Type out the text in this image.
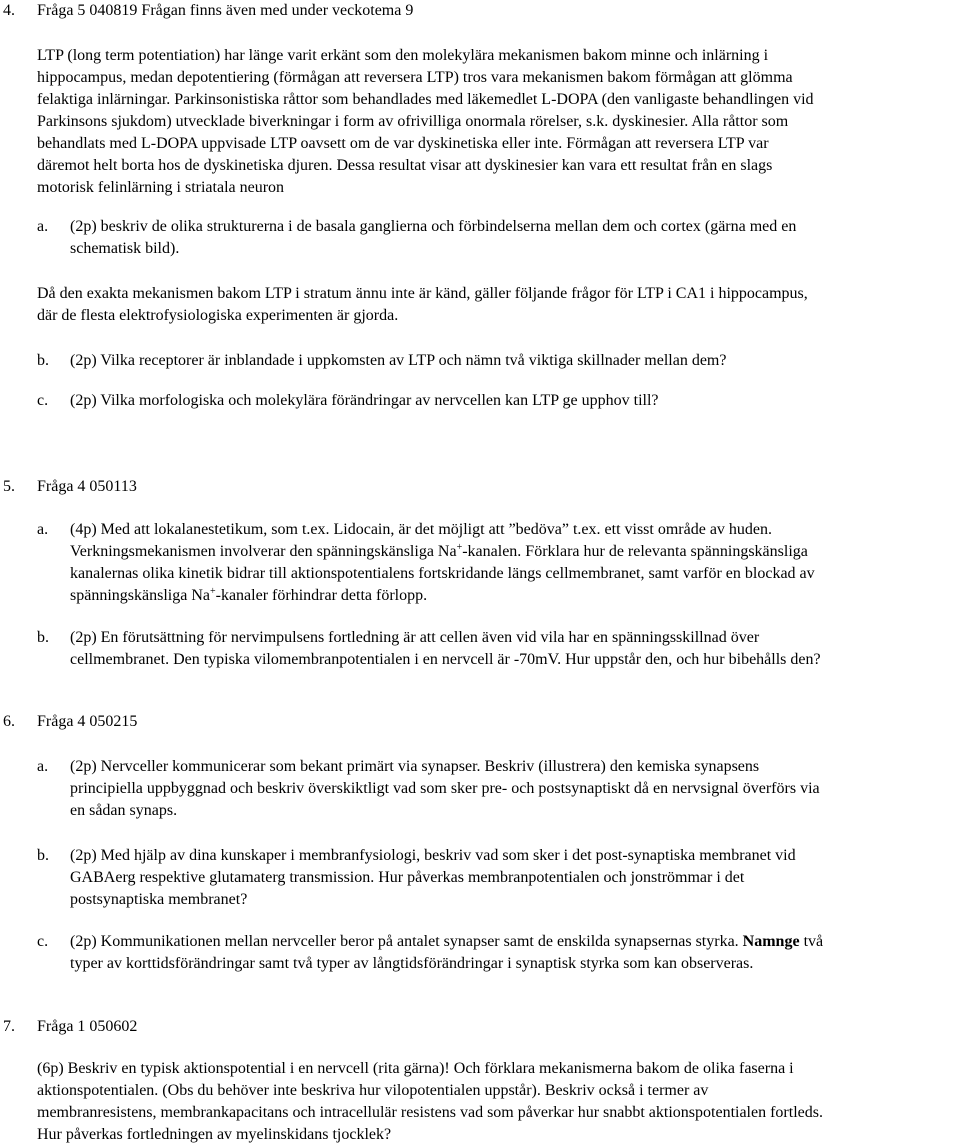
4.

Fråga 5 040819 Frågan finns även med under veckotema 9

LTP (long term potentiation) har länge varit erkänt som den molekylära mekanismen bakom minne och inlärning i
hippocampus, medan depotentiering (förmågan att reversera LTP) tros vara mekanismen bakom förmågan att glömma
felaktiga inlärningar. Parkinsonistiska råttor som behandlades med läkemedlet L-DOPA (den vanligaste behandlingen vid
Parkinsons sjukdom) utvecklade biverkningar i form av ofrivilliga onormala rörelser, s.k. dyskinesier. Alla råttor som
behandlats med L-DOPA uppvisade LTP oavsett om de var dyskinetiska eller inte. Förmågan att reversera LTP var
däremot helt borta hos de dyskinetiska djuren. Dessa resultat visar att dyskinesier kan vara ett resultat från en slags
motorisk felinlärning i striatala neuron

a.

(2p) beskriv de olika strukturerna i de basala ganglierna och förbindelserna mellan dem och cortex (gärna med en

schematisk bild).
Då den exakta mekanismen bakom LTP i stratum ännu inte är känd, gäller följande frågor för LTP i CA1 i hippocampus,
där de flesta elektrofysiologiska experimenten är gjorda.

b.

(2p) Vilka receptorer är inblandade i uppkomsten av LTP och nämn två viktiga skillnader mellan dem?

c.

(2p) Vilka morfologiska och molekylära förändringar av nervcellen kan LTP ge upphov till?

5.

Fråga 4 050113

a.

(4p) Med att lokalanestetikum, som t.ex. Lidocain, är det möjligt att ”bedöva” t.ex. ett visst område av huden.

Verkningsmekanismen involverar den spänningskänsliga Na+-kanalen. Förklara hur de relevanta spänningskänsliga
kanalernas olika kinetik bidrar till aktionspotentialens fortskridande längs cellmembranet, samt varför en blockad av
spänningskänsliga Na+-kanaler förhindrar detta förlopp.

b.

(2p) En förutsättning för nervimpulsens fortledning är att cellen även vid vila har en spänningsskillnad över

cellmembranet. Den typiska vilomembranpotentialen i en nervcell är -70mV. Hur uppstår den, och hur bibehålls den?

6.

Fråga 4 050215

a.

(2p) Nervceller kommunicerar som bekant primärt via synapser. Beskriv (illustrera) den kemiska synapsens

principiella uppbyggnad och beskriv överskiktligt vad som sker pre- och postsynaptiskt då en nervsignal överförs via
en sådan synaps.

b.

(2p) Med hjälp av dina kunskaper i membranfysiologi, beskriv vad som sker i det post-synaptiska membranet vid

GABAerg respektive glutamaterg transmission. Hur påverkas membranpotentialen och jonströmmar i det
postsynaptiska membranet?

c.

(2p) Kommunikationen mellan nervceller beror på antalet synapser samt de enskilda synapsernas styrka. Namnge två

typer av korttidsförändringar samt två typer av långtidsförändringar i synaptisk styrka som kan observeras.

7.

Fråga 1 050602

(6p) Beskriv en typisk aktionspotential i en nervcell (rita gärna)! Och förklara mekanismerna bakom de olika faserna i
aktionspotentialen. (Obs du behöver inte beskriva hur vilopotentialen uppstår). Beskriv också i termer av
membranresistens, membrankapacitans och intracellulär resistens vad som påverkar hur snabbt aktionspotentialen fortleds.
Hur påverkas fortledningen av myelinskidans tjocklek?
